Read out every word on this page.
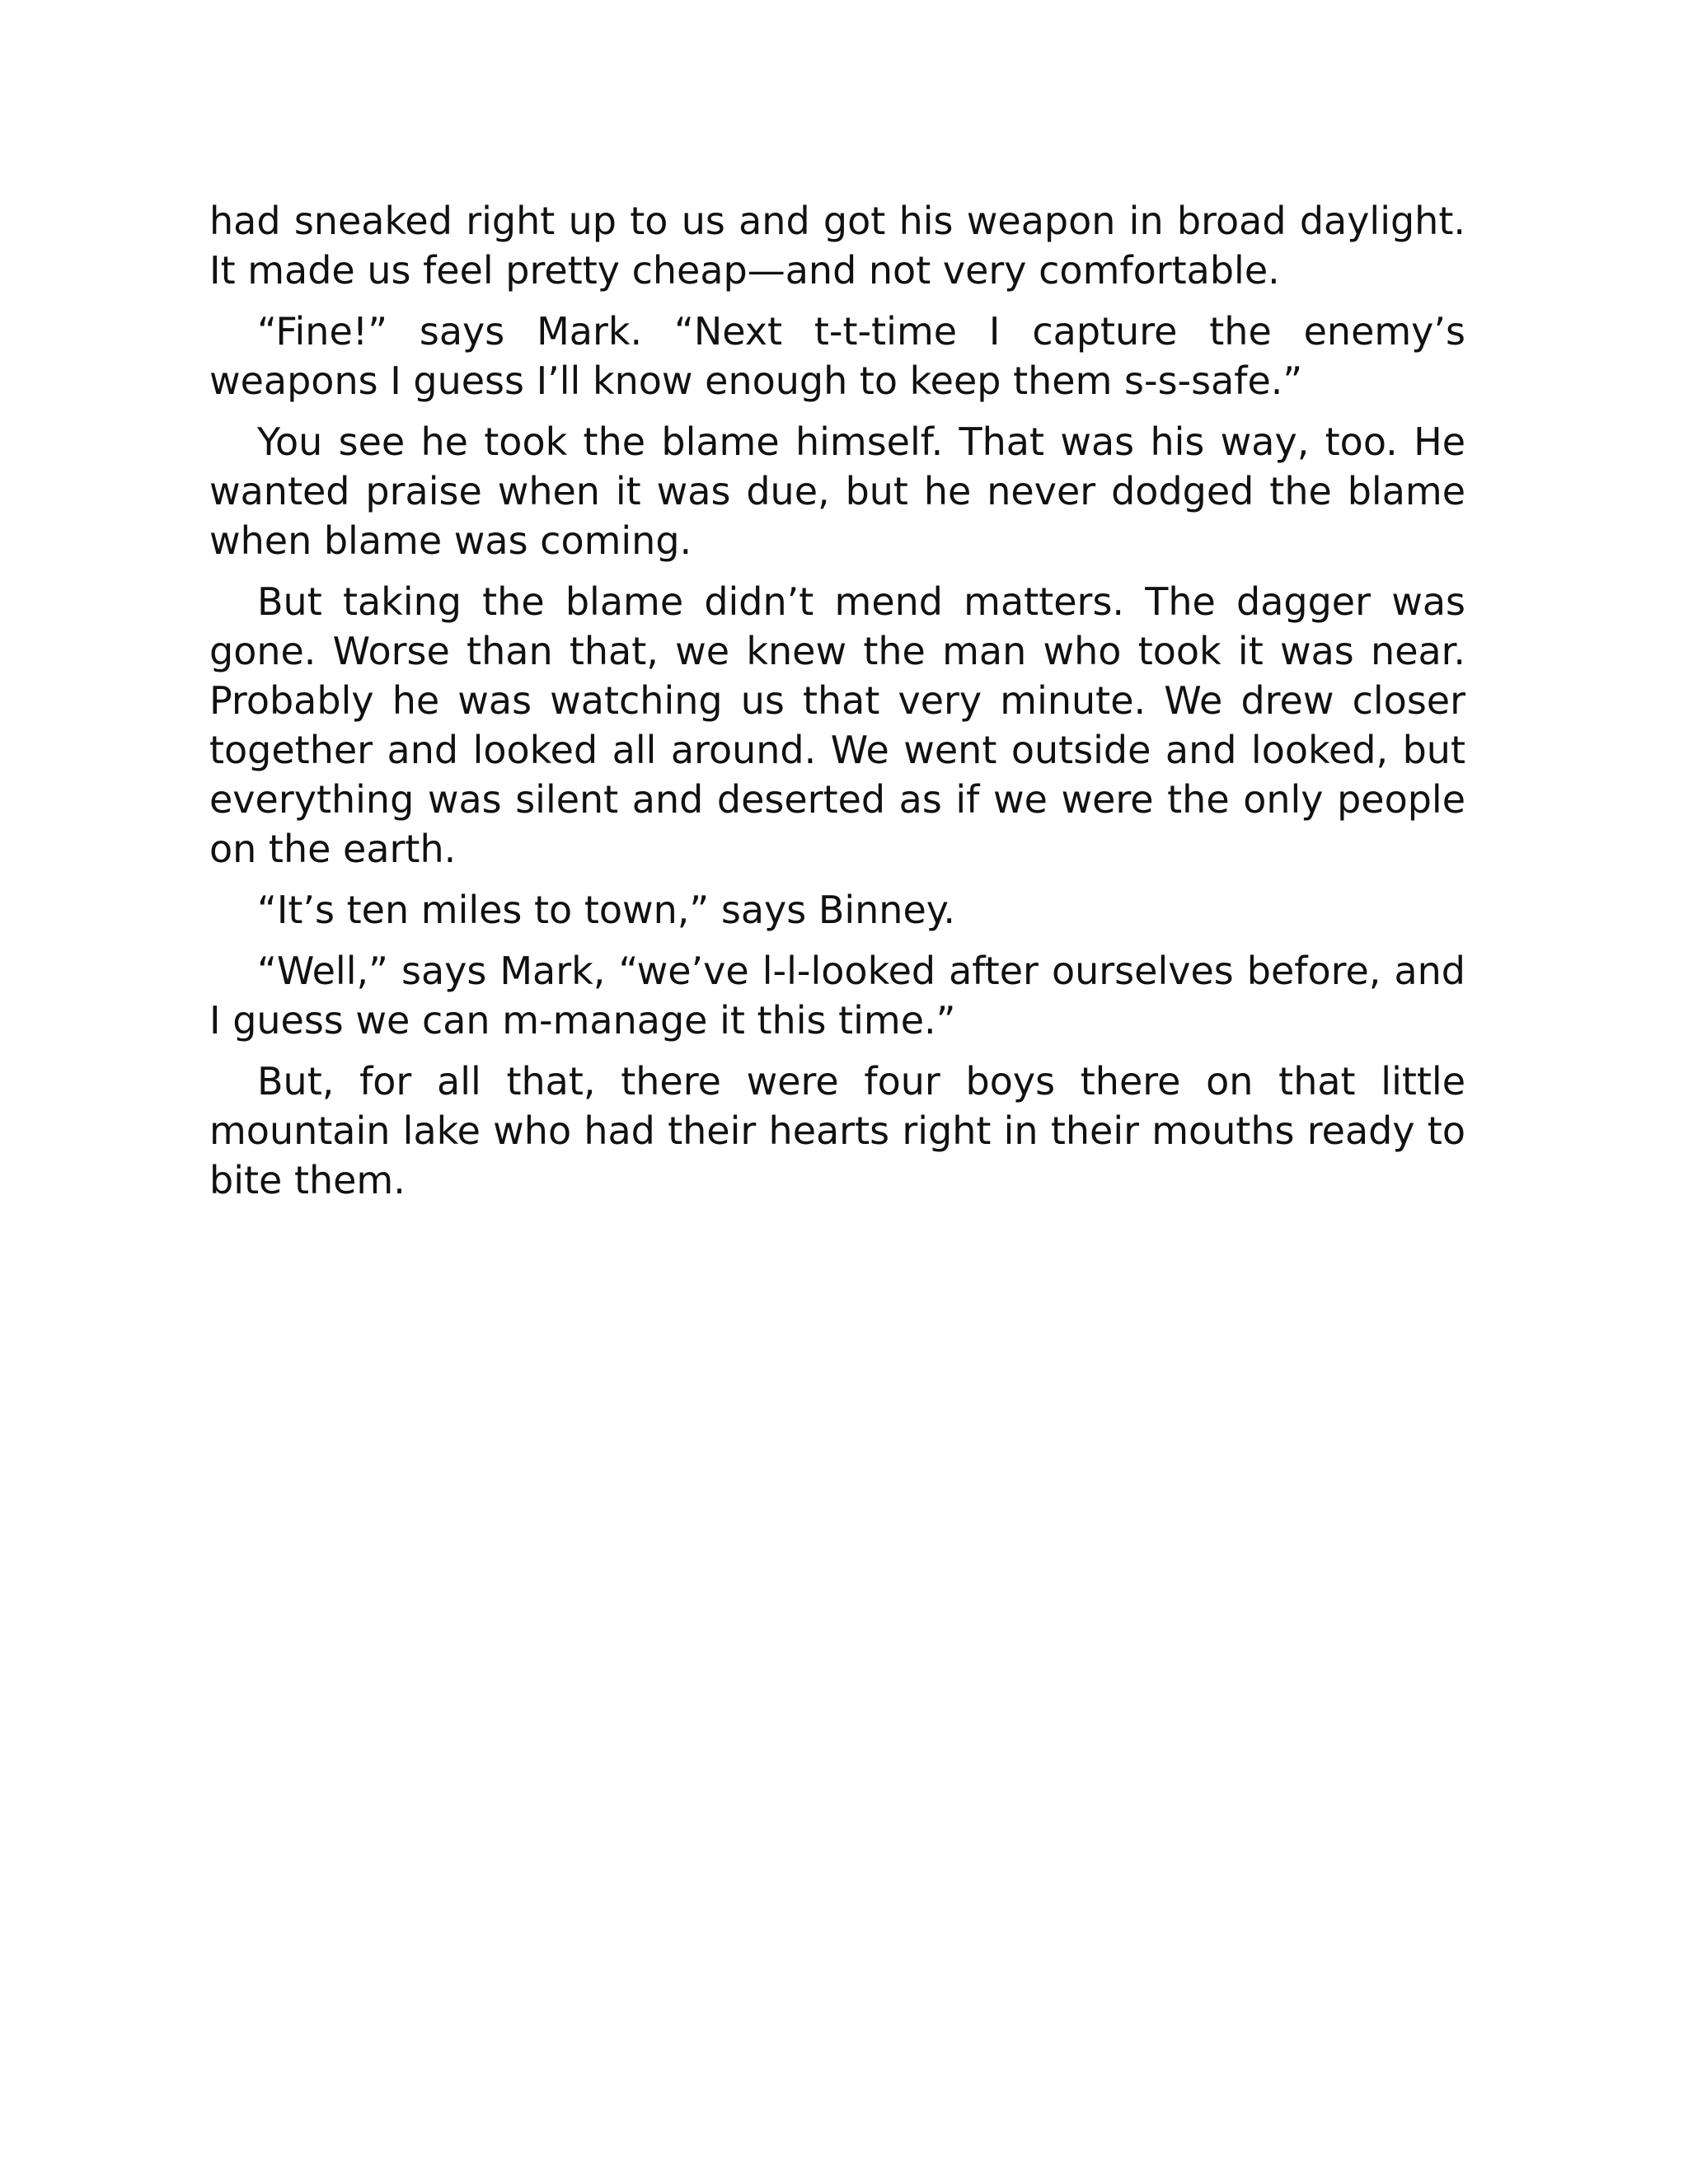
had sneaked right up to us and got his weapon in broad daylight. It made us feel pretty cheap—and not very comfortable.

“Fine!” says Mark. “Next t-t-time I capture the enemy’s weapons I guess I’ll know enough to keep them s-s-safe.”

You see he took the blame himself. That was his way, too. He wanted praise when it was due, but he never dodged the blame when blame was coming.

But taking the blame didn’t mend matters. The dagger was gone. Worse than that, we knew the man who took it was near. Probably he was watching us that very minute. We drew closer together and looked all around. We went outside and looked, but everything was silent and deserted as if we were the only people on the earth.

“It’s ten miles to town,” says Binney.

“Well,” says Mark, “we’ve l-l-looked after ourselves before, and I guess we can m-manage it this time.”

But, for all that, there were four boys there on that little mountain lake who had their hearts right in their mouths ready to bite them.
